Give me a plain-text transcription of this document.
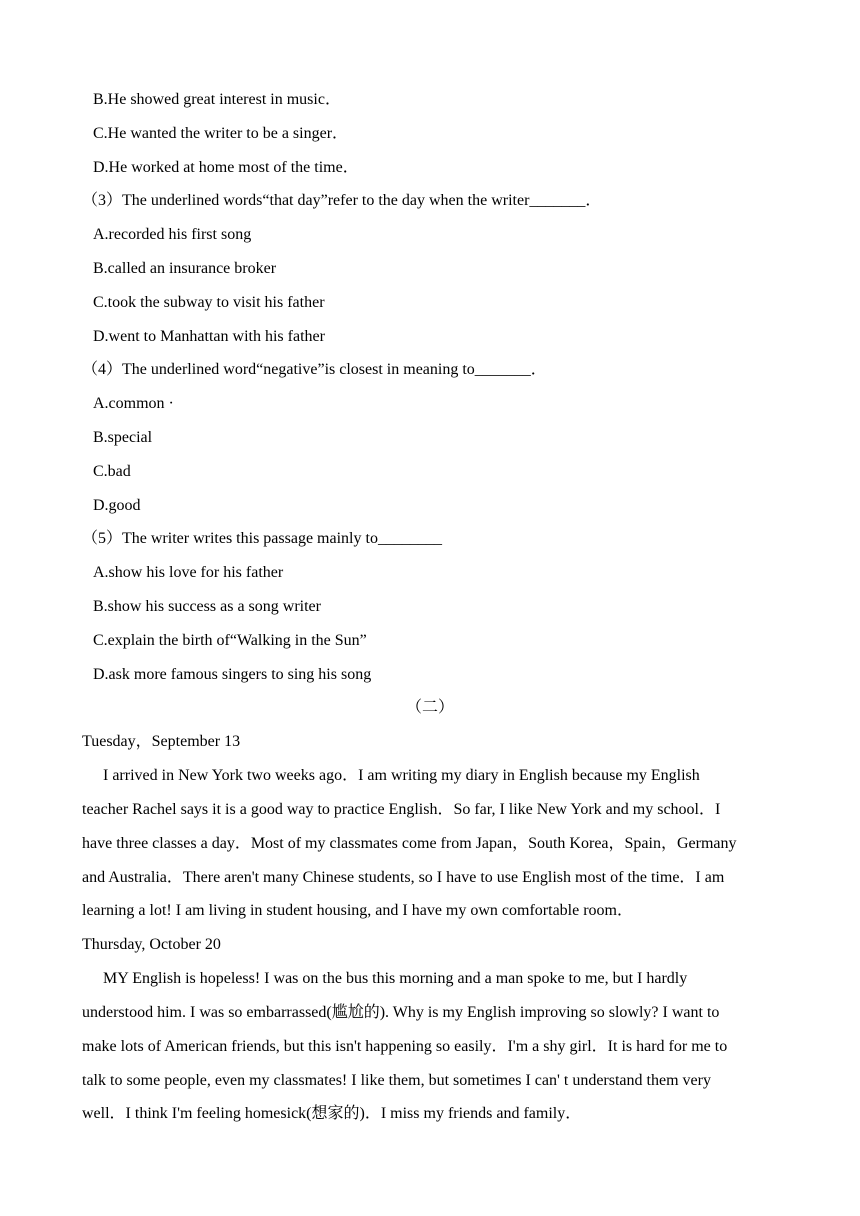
B.He showed great interest in music．
C.He wanted the writer to be a singer．
D.He worked at home most of the time．
（3）The underlined words“that day”refer to the day when the writer_______．
A.recorded his first song
B.called an insurance broker
C.took the subway to visit his father
D.went to Manhattan with his father
（4）The underlined word“negative”is closest in meaning to_______．
A.common ·
B.special
C.bad
D.good
（5）The writer writes this passage mainly to________
A.show his love for his father
B.show his success as a song writer
C.explain the birth of“Walking in the Sun”
D.ask more famous singers to sing his song
（二）
Tuesday，September 13
I arrived in New York two weeks ago．I am writing my diary in English because my English
teacher Rachel says it is a good way to practice English．So far, I like New York and my school．I
have three classes a day．Most of my classmates come from Japan，South Korea，Spain，Germany
and Australia．There aren't many Chinese students, so I have to use English most of the time．I am
learning a lot! I am living in student housing, and I have my own comfortable room．
Thursday, October 20
MY English is hopeless! I was on the bus this morning and a man spoke to me, but I hardly
understood him. I was so embarrassed(尴尬的). Why is my English improving so slowly? I want to
make lots of American friends, but this isn't happening so easily．I'm a shy girl．It is hard for me to
talk to some people, even my classmates! I like them, but sometimes I can' t understand them very
well．I think I'm feeling homesick(想家的)．I miss my friends and family．
